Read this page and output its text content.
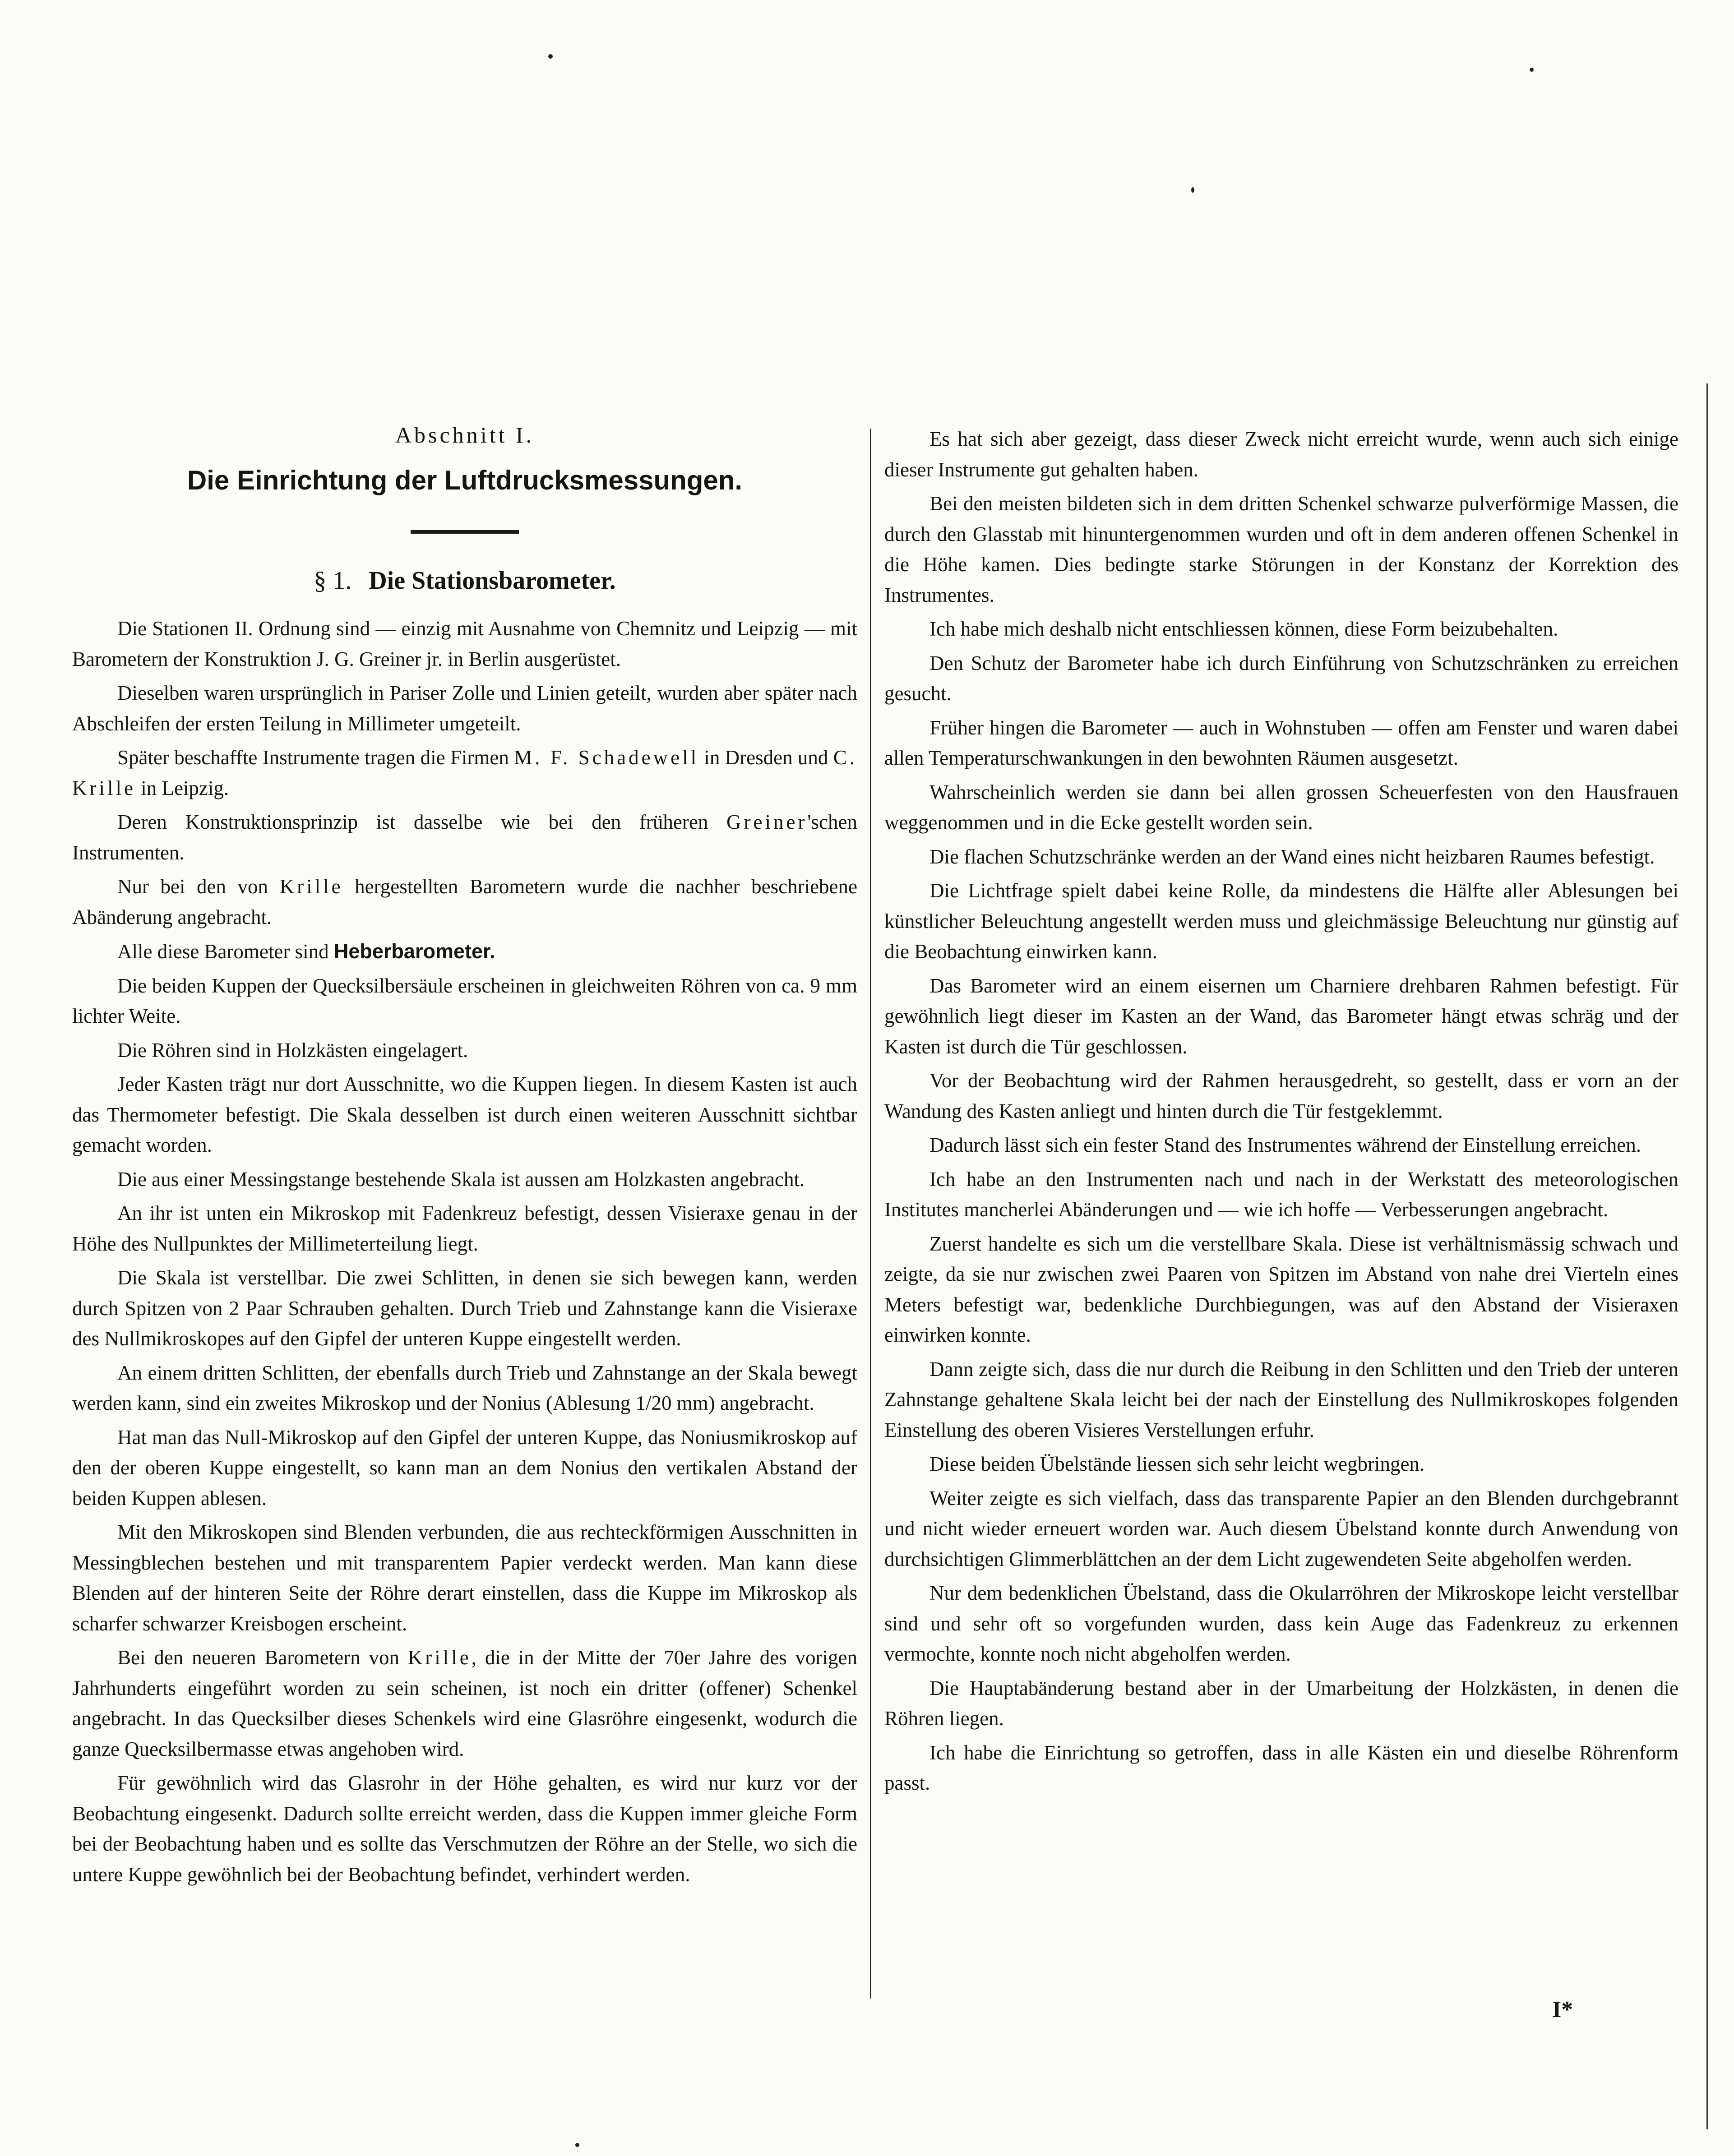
Abschnitt I.
Die Einrichtung der Luftdrucksmessungen.
§ 1. Die Stationsbarometer.

Die Stationen II. Ordnung sind — einzig mit Ausnahme von Chemnitz und Leipzig — mit Barometern der Konstruktion J. G. Greiner jr. in Berlin ausgerüstet.

Dieselben waren ursprünglich in Pariser Zolle und Linien geteilt, wurden aber später nach Abschleifen der ersten Teilung in Millimeter umgeteilt.

Später beschaffte Instrumente tragen die Firmen M. F. Schadewell in Dresden und C. Krille in Leipzig.

Deren Konstruktionsprinzip ist dasselbe wie bei den früheren Greiner'schen Instrumenten.

Nur bei den von Krille hergestellten Barometern wurde die nachher beschriebene Abänderung angebracht.

Alle diese Barometer sind Heberbarometer.

Die beiden Kuppen der Quecksilbersäule erscheinen in gleichweiten Röhren von ca. 9 mm lichter Weite.

Die Röhren sind in Holzkästen eingelagert.

Jeder Kasten trägt nur dort Ausschnitte, wo die Kuppen liegen. In diesem Kasten ist auch das Thermometer befestigt. Die Skala desselben ist durch einen weiteren Ausschnitt sichtbar gemacht worden.

Die aus einer Messingstange bestehende Skala ist aussen am Holzkasten angebracht.

An ihr ist unten ein Mikroskop mit Fadenkreuz befestigt, dessen Visieraxe genau in der Höhe des Nullpunktes der Millimeterteilung liegt.

Die Skala ist verstellbar. Die zwei Schlitten, in denen sie sich bewegen kann, werden durch Spitzen von 2 Paar Schrauben gehalten. Durch Trieb und Zahnstange kann die Visieraxe des Nullmikroskopes auf den Gipfel der unteren Kuppe eingestellt werden.

An einem dritten Schlitten, der ebenfalls durch Trieb und Zahnstange an der Skala bewegt werden kann, sind ein zweites Mikroskop und der Nonius (Ablesung 1/20 mm) angebracht.

Hat man das Null-Mikroskop auf den Gipfel der unteren Kuppe, das Noniusmikroskop auf den der oberen Kuppe eingestellt, so kann man an dem Nonius den vertikalen Abstand der beiden Kuppen ablesen.

Mit den Mikroskopen sind Blenden verbunden, die aus rechteckförmigen Ausschnitten in Messingblechen bestehen und mit transparentem Papier verdeckt werden. Man kann diese Blenden auf der hinteren Seite der Röhre derart einstellen, dass die Kuppe im Mikroskop als scharfer schwarzer Kreisbogen erscheint.

Bei den neueren Barometern von Krille, die in der Mitte der 70er Jahre des vorigen Jahrhunderts eingeführt worden zu sein scheinen, ist noch ein dritter (offener) Schenkel angebracht. In das Quecksilber dieses Schenkels wird eine Glasröhre eingesenkt, wodurch die ganze Quecksilbermasse etwas angehoben wird.

Für gewöhnlich wird das Glasrohr in der Höhe gehalten, es wird nur kurz vor der Beobachtung eingesenkt. Dadurch sollte erreicht werden, dass die Kuppen immer gleiche Form bei der Beobachtung haben und es sollte das Verschmutzen der Röhre an der Stelle, wo sich die untere Kuppe gewöhnlich bei der Beobachtung befindet, verhindert werden.

Es hat sich aber gezeigt, dass dieser Zweck nicht erreicht wurde, wenn auch sich einige dieser Instrumente gut gehalten haben.

Bei den meisten bildeten sich in dem dritten Schenkel schwarze pulverförmige Massen, die durch den Glasstab mit hinuntergenommen wurden und oft in dem anderen offenen Schenkel in die Höhe kamen. Dies bedingte starke Störungen in der Konstanz der Korrektion des Instrumentes.

Ich habe mich deshalb nicht entschliessen können, diese Form beizubehalten.

Den Schutz der Barometer habe ich durch Einführung von Schutzschränken zu erreichen gesucht.

Früher hingen die Barometer — auch in Wohnstuben — offen am Fenster und waren dabei allen Temperaturschwankungen in den bewohnten Räumen ausgesetzt.

Wahrscheinlich werden sie dann bei allen grossen Scheuerfesten von den Hausfrauen weggenommen und in die Ecke gestellt worden sein.

Die flachen Schutzschränke werden an der Wand eines nicht heizbaren Raumes befestigt.

Die Lichtfrage spielt dabei keine Rolle, da mindestens die Hälfte aller Ablesungen bei künstlicher Beleuchtung angestellt werden muss und gleichmässige Beleuchtung nur günstig auf die Beobachtung einwirken kann.

Das Barometer wird an einem eisernen um Charniere drehbaren Rahmen befestigt. Für gewöhnlich liegt dieser im Kasten an der Wand, das Barometer hängt etwas schräg und der Kasten ist durch die Tür geschlossen.

Vor der Beobachtung wird der Rahmen herausgedreht, so gestellt, dass er vorn an der Wandung des Kasten anliegt und hinten durch die Tür festgeklemmt.

Dadurch lässt sich ein fester Stand des Instrumentes während der Einstellung erreichen.

Ich habe an den Instrumenten nach und nach in der Werkstatt des meteorologischen Institutes mancherlei Abänderungen und — wie ich hoffe — Verbesserungen angebracht.

Zuerst handelte es sich um die verstellbare Skala. Diese ist verhältnismässig schwach und zeigte, da sie nur zwischen zwei Paaren von Spitzen im Abstand von nahe drei Vierteln eines Meters befestigt war, bedenkliche Durchbiegungen, was auf den Abstand der Visieraxen einwirken konnte.

Dann zeigte sich, dass die nur durch die Reibung in den Schlitten und den Trieb der unteren Zahnstange gehaltene Skala leicht bei der nach der Einstellung des Nullmikroskopes folgenden Einstellung des oberen Visieres Verstellungen erfuhr.

Diese beiden Übelstände liessen sich sehr leicht wegbringen.

Weiter zeigte es sich vielfach, dass das transparente Papier an den Blenden durchgebrannt und nicht wieder erneuert worden war. Auch diesem Übelstand konnte durch Anwendung von durchsichtigen Glimmerblättchen an der dem Licht zugewendeten Seite abgeholfen werden.

Nur dem bedenklichen Übelstand, dass die Okularröhren der Mikroskope leicht verstellbar sind und sehr oft so vorgefunden wurden, dass kein Auge das Fadenkreuz zu erkennen vermochte, konnte noch nicht abgeholfen werden.

Die Hauptabänderung bestand aber in der Umarbeitung der Holzkästen, in denen die Röhren liegen.

Ich habe die Einrichtung so getroffen, dass in alle Kästen ein und dieselbe Röhrenform passt.

I*
